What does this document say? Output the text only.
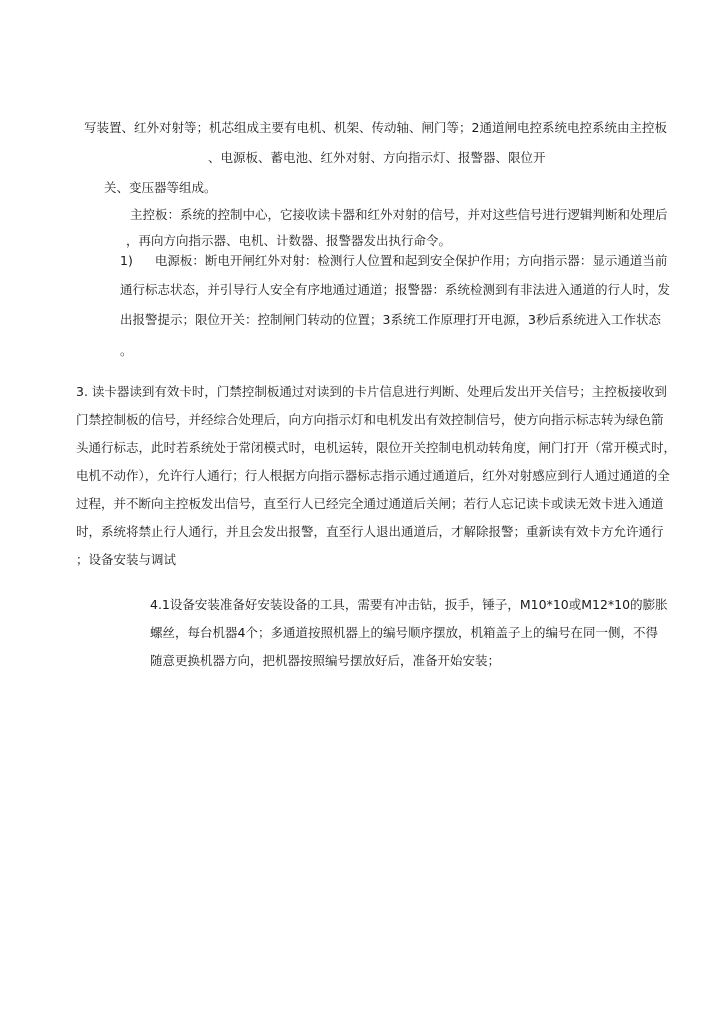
写装置、红外对射等；机芯组成主要有电机、机架、传动轴、闸门等；2通道闸电控系统电控系统由主控板
、电源板、蓄电池、红外对射、方向指示灯、报警器、限位开
关、变压器等组成。
主控板：系统的控制中心，它接收读卡器和红外对射的信号，并对这些信号进行逻辑判断和处理后
，再向方向指示器、电机、计数器、报警器发出执行命令。
1) 电源板：断电开闸红外对射：检测行人位置和起到安全保护作用；方向指示器：显示通道当前
通行标志状态，并引导行人安全有序地通过通道；报警器：系统检测到有非法进入通道的行人时，发
出报警提示；限位开关：控制闸门转动的位置；3系统工作原理打开电源，3秒后系统进入工作状态
。
3. 读卡器读到有效卡时，门禁控制板通过对读到的卡片信息进行判断、处理后发出开关信号；主控板接收到
门禁控制板的信号，并经综合处理后，向方向指示灯和电机发出有效控制信号，使方向指示标志转为绿色箭
头通行标志，此时若系统处于常闭模式时，电机运转，限位开关控制电机动转角度，闸门打开（常开模式时，
电机不动作），允许行人通行；行人根据方向指示器标志指示通过通道后，红外对射感应到行人通过通道的全
过程，并不断向主控板发出信号，直至行人已经完全通过通道后关闸；若行人忘记读卡或读无效卡进入通道
时，系统将禁止行人通行，并且会发出报警，直至行人退出通道后，才解除报警；重新读有效卡方允许通行
；设备安装与调试
4.1设备安装准备好安装设备的工具，需要有冲击钻，扳手，锤子，M10*10或M12*10的膨胀
螺丝，每台机器4个；多通道按照机器上的编号顺序摆放，机箱盖子上的编号在同一侧，不得
随意更换机器方向，把机器按照编号摆放好后，准备开始安装；
